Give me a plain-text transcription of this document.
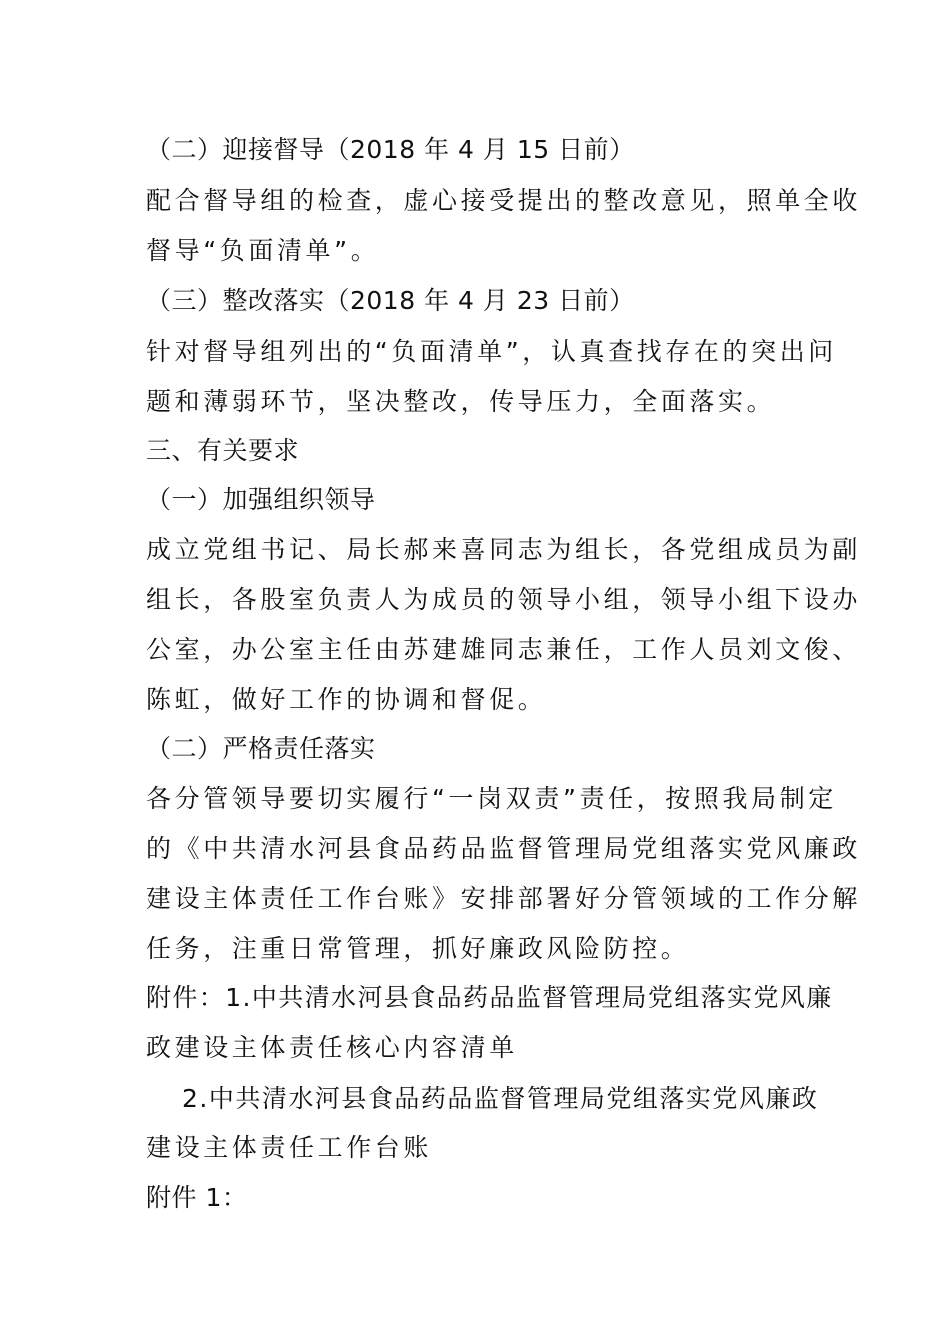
（二）迎接督导（2018 年 4 月 15 日前）
配合督导组的检查，虚心接受提出的整改意见，照单全收
督导“负面清单”。
（三）整改落实（2018 年 4 月 23 日前）
针对督导组列出的“负面清单”，认真查找存在的突出问
题和薄弱环节，坚决整改，传导压力，全面落实。
三、有关要求
（一）加强组织领导
成立党组书记、局长郝来喜同志为组长，各党组成员为副
组长，各股室负责人为成员的领导小组，领导小组下设办
公室，办公室主任由苏建雄同志兼任，工作人员刘文俊、
陈虹，做好工作的协调和督促。
（二）严格责任落实
各分管领导要切实履行“一岗双责”责任，按照我局制定
的《中共清水河县食品药品监督管理局党组落实党风廉政
建设主体责任工作台账》安排部署好分管领域的工作分解
任务，注重日常管理，抓好廉政风险防控。
附件：1.中共清水河县食品药品监督管理局党组落实党风廉
政建设主体责任核心内容清单
2.中共清水河县食品药品监督管理局党组落实党风廉政
建设主体责任工作台账
附件 1：
